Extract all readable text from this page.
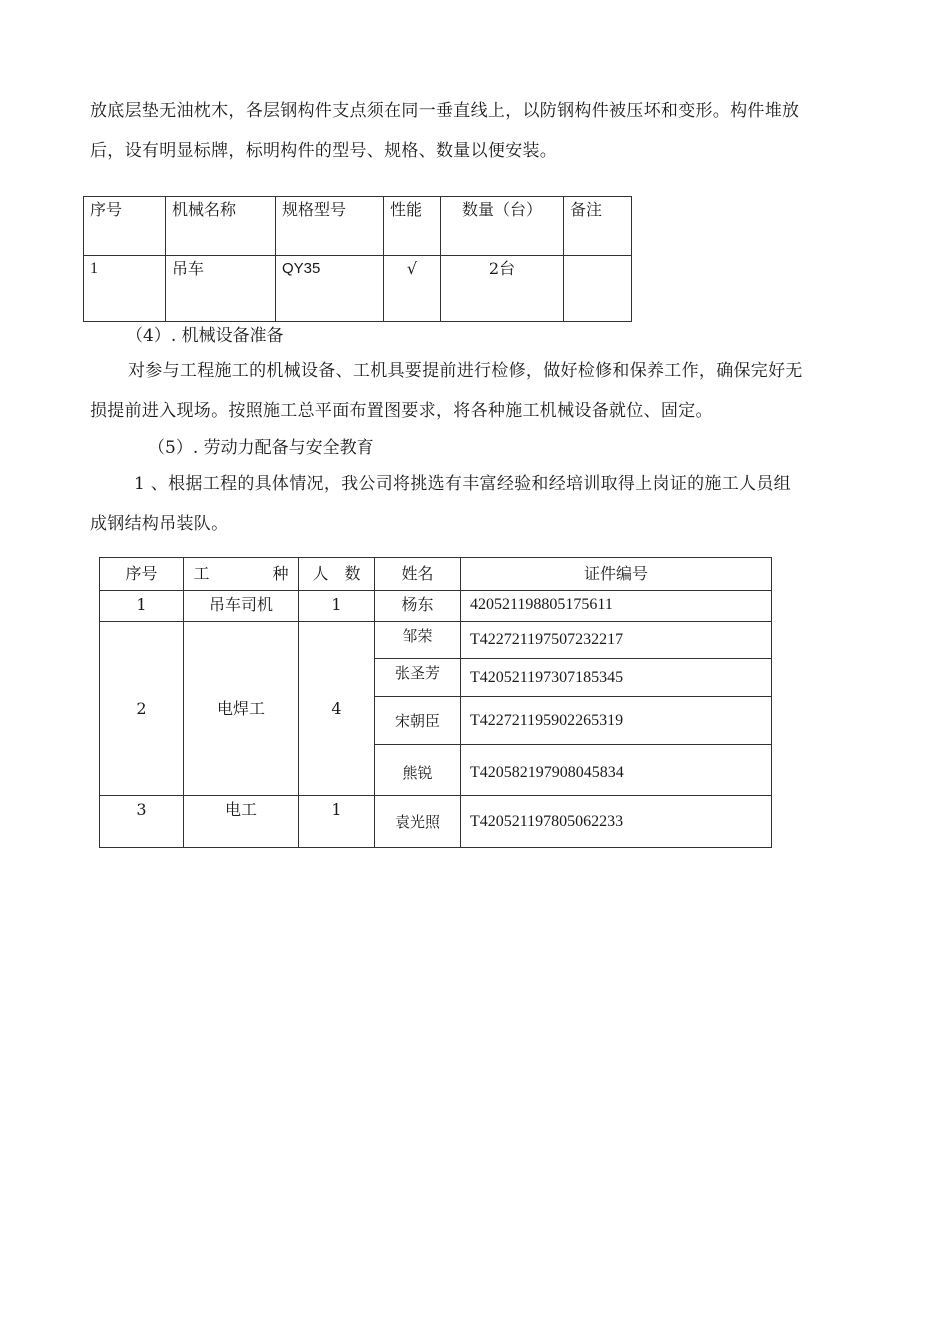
放底层垫无油枕木，各层钢构件支点须在同一垂直线上，以防钢构件被压坏和变形。构件堆放
后，设有明显标牌，标明构件的型号、规格、数量以便安装。

序号	机械名称	规格型号	性能	数量（台）	备注
1	吊车	QY35	√	2台	
（4）. 机械设备准备

对参与工程施工的机械设备、工机具要提前进行检修，做好检修和保养工作，确保完好无
损提前进入现场。按照施工总平面布置图要求，将各种施工机械设备就位、固定。

（5）. 劳动力配备与安全教育

1 、根据工程的具体情况，我公司将挑选有丰富经验和经培训取得上岗证的施工人员组
成钢结构吊装队。

序号	工 种	人 数	姓名	证件编号
1	吊车司机	1	杨东	420521198805175611
2	电焊工	4	邹荣	T422721197507232217
			张圣芳	T420521197307185345
			宋朝臣	T422721195902265319
			熊锐	T420582197908045834
3	电工	1	袁光照	T420521197805062233
